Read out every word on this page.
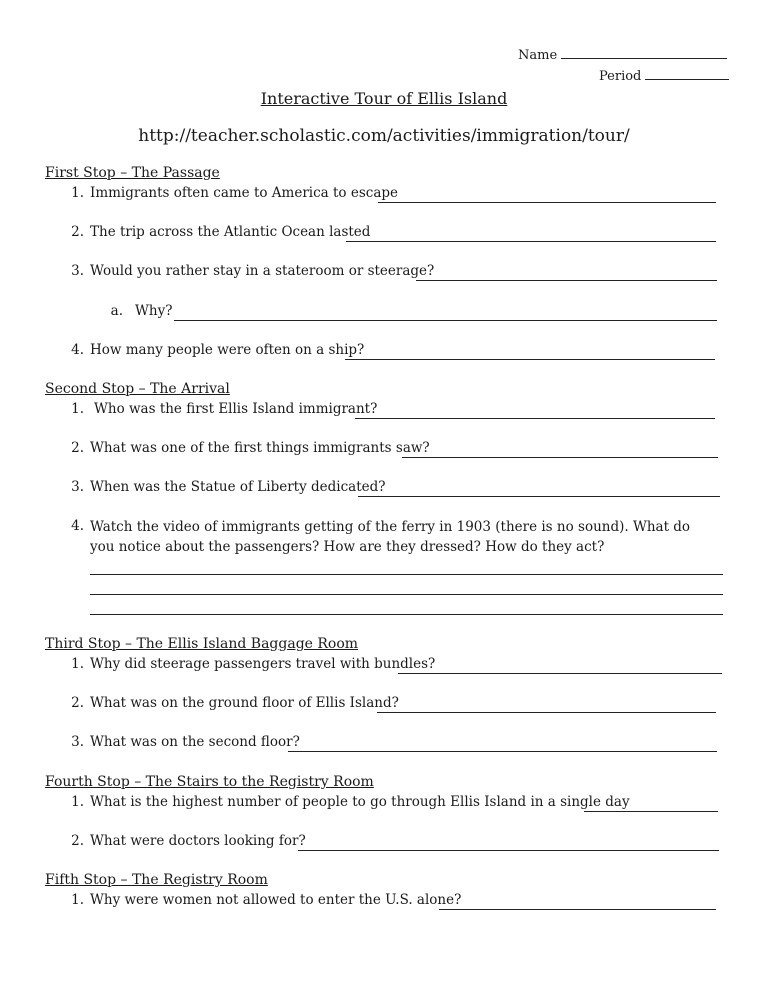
Name
Period
Interactive Tour of Ellis Island
http://teacher.scholastic.com/activities/immigration/tour/
First Stop – The Passage
1. Immigrants often came to America to escape
2. The trip across the Atlantic Ocean lasted
3. Would you rather stay in a stateroom or steerage?
a. Why?
4. How many people were often on a ship?
Second Stop – The Arrival
1. Who was the first Ellis Island immigrant?
2. What was one of the first things immigrants saw?
3. When was the Statue of Liberty dedicated?
4. Watch the video of immigrants getting of the ferry in 1903 (there is no sound). What do you notice about the passengers? How are they dressed? How do they act?
Third Stop – The Ellis Island Baggage Room
1. Why did steerage passengers travel with bundles?
2. What was on the ground floor of Ellis Island?
3. What was on the second floor?
Fourth Stop – The Stairs to the Registry Room
1. What is the highest number of people to go through Ellis Island in a single day
2. What were doctors looking for?
Fifth Stop – The Registry Room
1. Why were women not allowed to enter the U.S. alone?
